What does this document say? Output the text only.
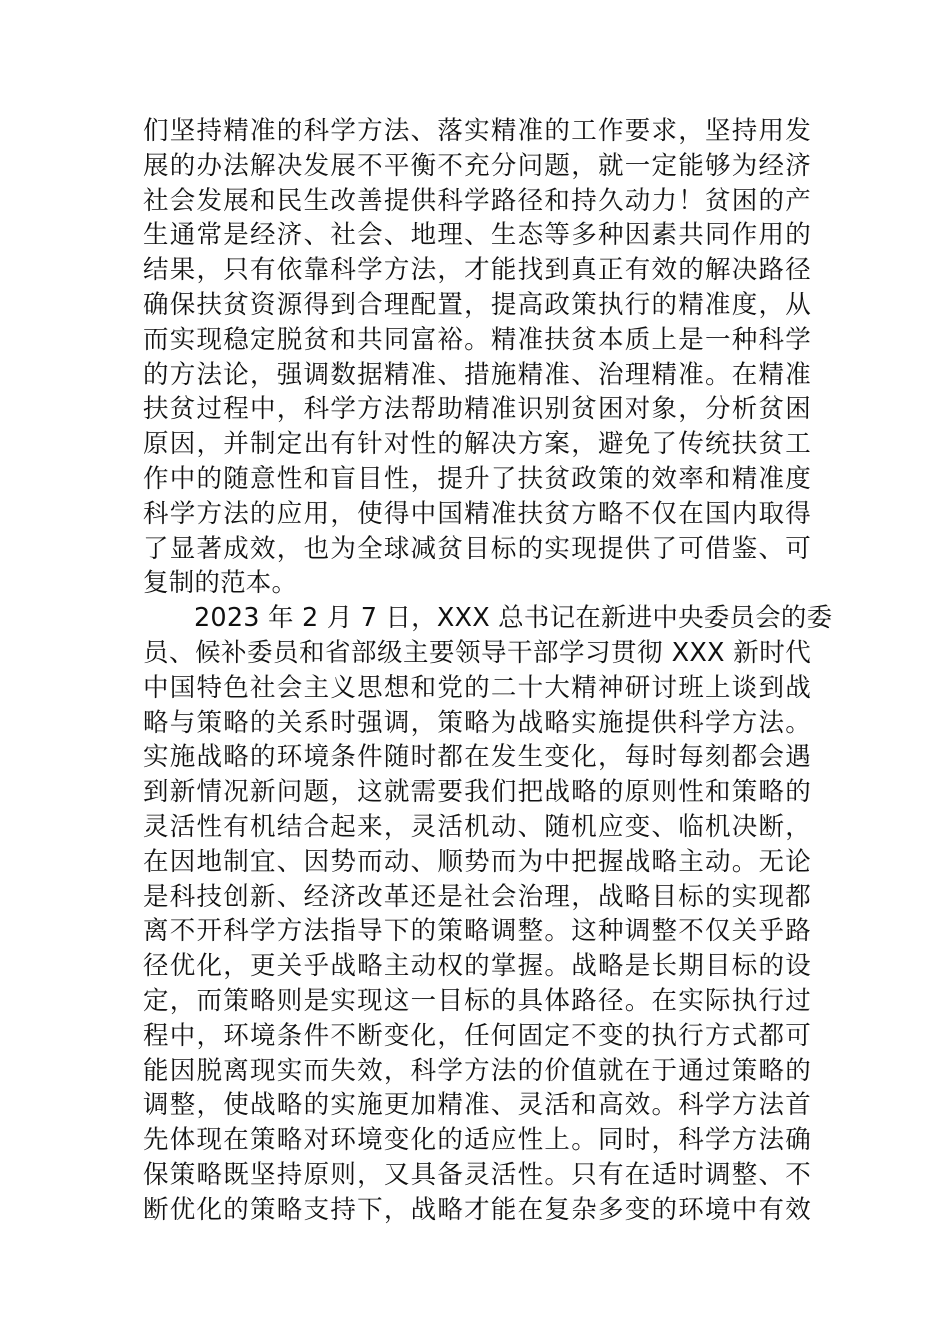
们坚持精准的科学方法、落实精准的工作要求，坚持用发
展的办法解决发展不平衡不充分问题，就一定能够为经济
社会发展和民生改善提供科学路径和持久动力！贫困的产
生通常是经济、社会、地理、生态等多种因素共同作用的
结果，只有依靠科学方法，才能找到真正有效的解决路径
确保扶贫资源得到合理配置，提高政策执行的精准度，从
而实现稳定脱贫和共同富裕。精准扶贫本质上是一种科学
的方法论，强调数据精准、措施精准、治理精准。在精准
扶贫过程中，科学方法帮助精准识别贫困对象，分析贫困
原因，并制定出有针对性的解决方案，避免了传统扶贫工
作中的随意性和盲目性，提升了扶贫政策的效率和精准度
科学方法的应用，使得中国精准扶贫方略不仅在国内取得
了显著成效，也为全球减贫目标的实现提供了可借鉴、可
复制的范本。
2023 年 2 月 7 日，XXX 总书记在新进中央委员会的委
员、候补委员和省部级主要领导干部学习贯彻 XXX 新时代
中国特色社会主义思想和党的二十大精神研讨班上谈到战
略与策略的关系时强调，策略为战略实施提供科学方法。
实施战略的环境条件随时都在发生变化，每时每刻都会遇
到新情况新问题，这就需要我们把战略的原则性和策略的
灵活性有机结合起来，灵活机动、随机应变、临机决断，
在因地制宜、因势而动、顺势而为中把握战略主动。无论
是科技创新、经济改革还是社会治理，战略目标的实现都
离不开科学方法指导下的策略调整。这种调整不仅关乎路
径优化，更关乎战略主动权的掌握。战略是长期目标的设
定，而策略则是实现这一目标的具体路径。在实际执行过
程中，环境条件不断变化，任何固定不变的执行方式都可
能因脱离现实而失效，科学方法的价值就在于通过策略的
调整，使战略的实施更加精准、灵活和高效。科学方法首
先体现在策略对环境变化的适应性上。同时，科学方法确
保策略既坚持原则，又具备灵活性。只有在适时调整、不
断优化的策略支持下，战略才能在复杂多变的环境中有效
